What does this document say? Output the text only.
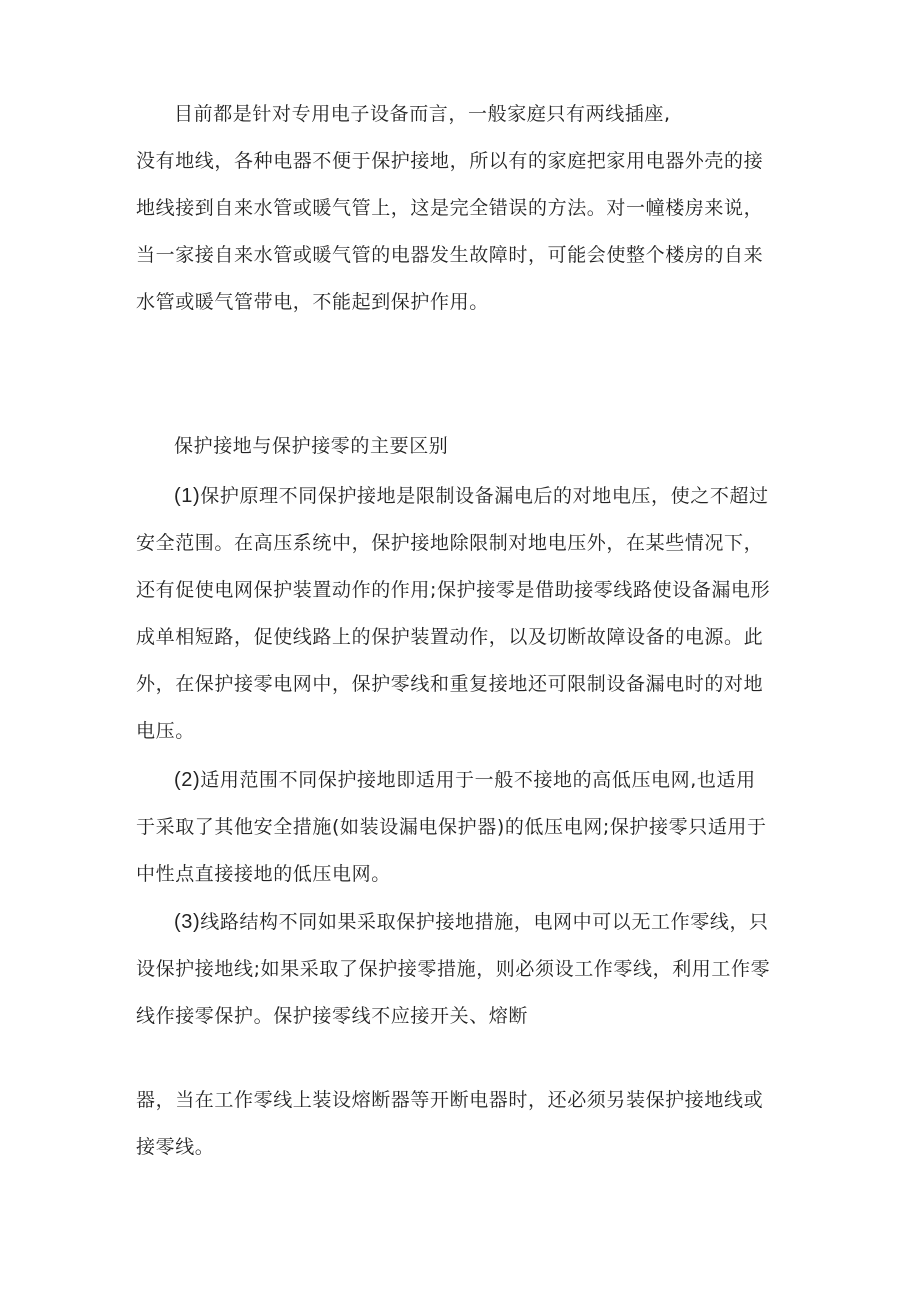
目前都是针对专用电子设备而言，一般家庭只有两线插座,
没有地线，各种电器不便于保护接地，所以有的家庭把家用电器外壳的接
地线接到自来水管或暖气管上，这是完全错误的方法。对一幢楼房来说，
当一家接自来水管或暖气管的电器发生故障时，可能会使整个楼房的自来
水管或暖气管带电，不能起到保护作用。
保护接地与保护接零的主要区别
(1)保护原理不同保护接地是限制设备漏电后的对地电压，使之不超过
安全范围。在高压系统中，保护接地除限制对地电压外，在某些情况下，
还有促使电网保护装置动作的作用;保护接零是借助接零线路使设备漏电形
成单相短路，促使线路上的保护装置动作，以及切断故障设备的电源。此
外，在保护接零电网中，保护零线和重复接地还可限制设备漏电时的对地
电压。
(2)适用范围不同保护接地即适用于一般不接地的高低压电网,也适用
于采取了其他安全措施(如装设漏电保护器)的低压电网;保护接零只适用于
中性点直接接地的低压电网。
(3)线路结构不同如果采取保护接地措施，电网中可以无工作零线，只
设保护接地线;如果采取了保护接零措施，则必须设工作零线，利用工作零
线作接零保护。保护接零线不应接开关、熔断
器，当在工作零线上装设熔断器等开断电器时，还必须另装保护接地线或
接零线。
